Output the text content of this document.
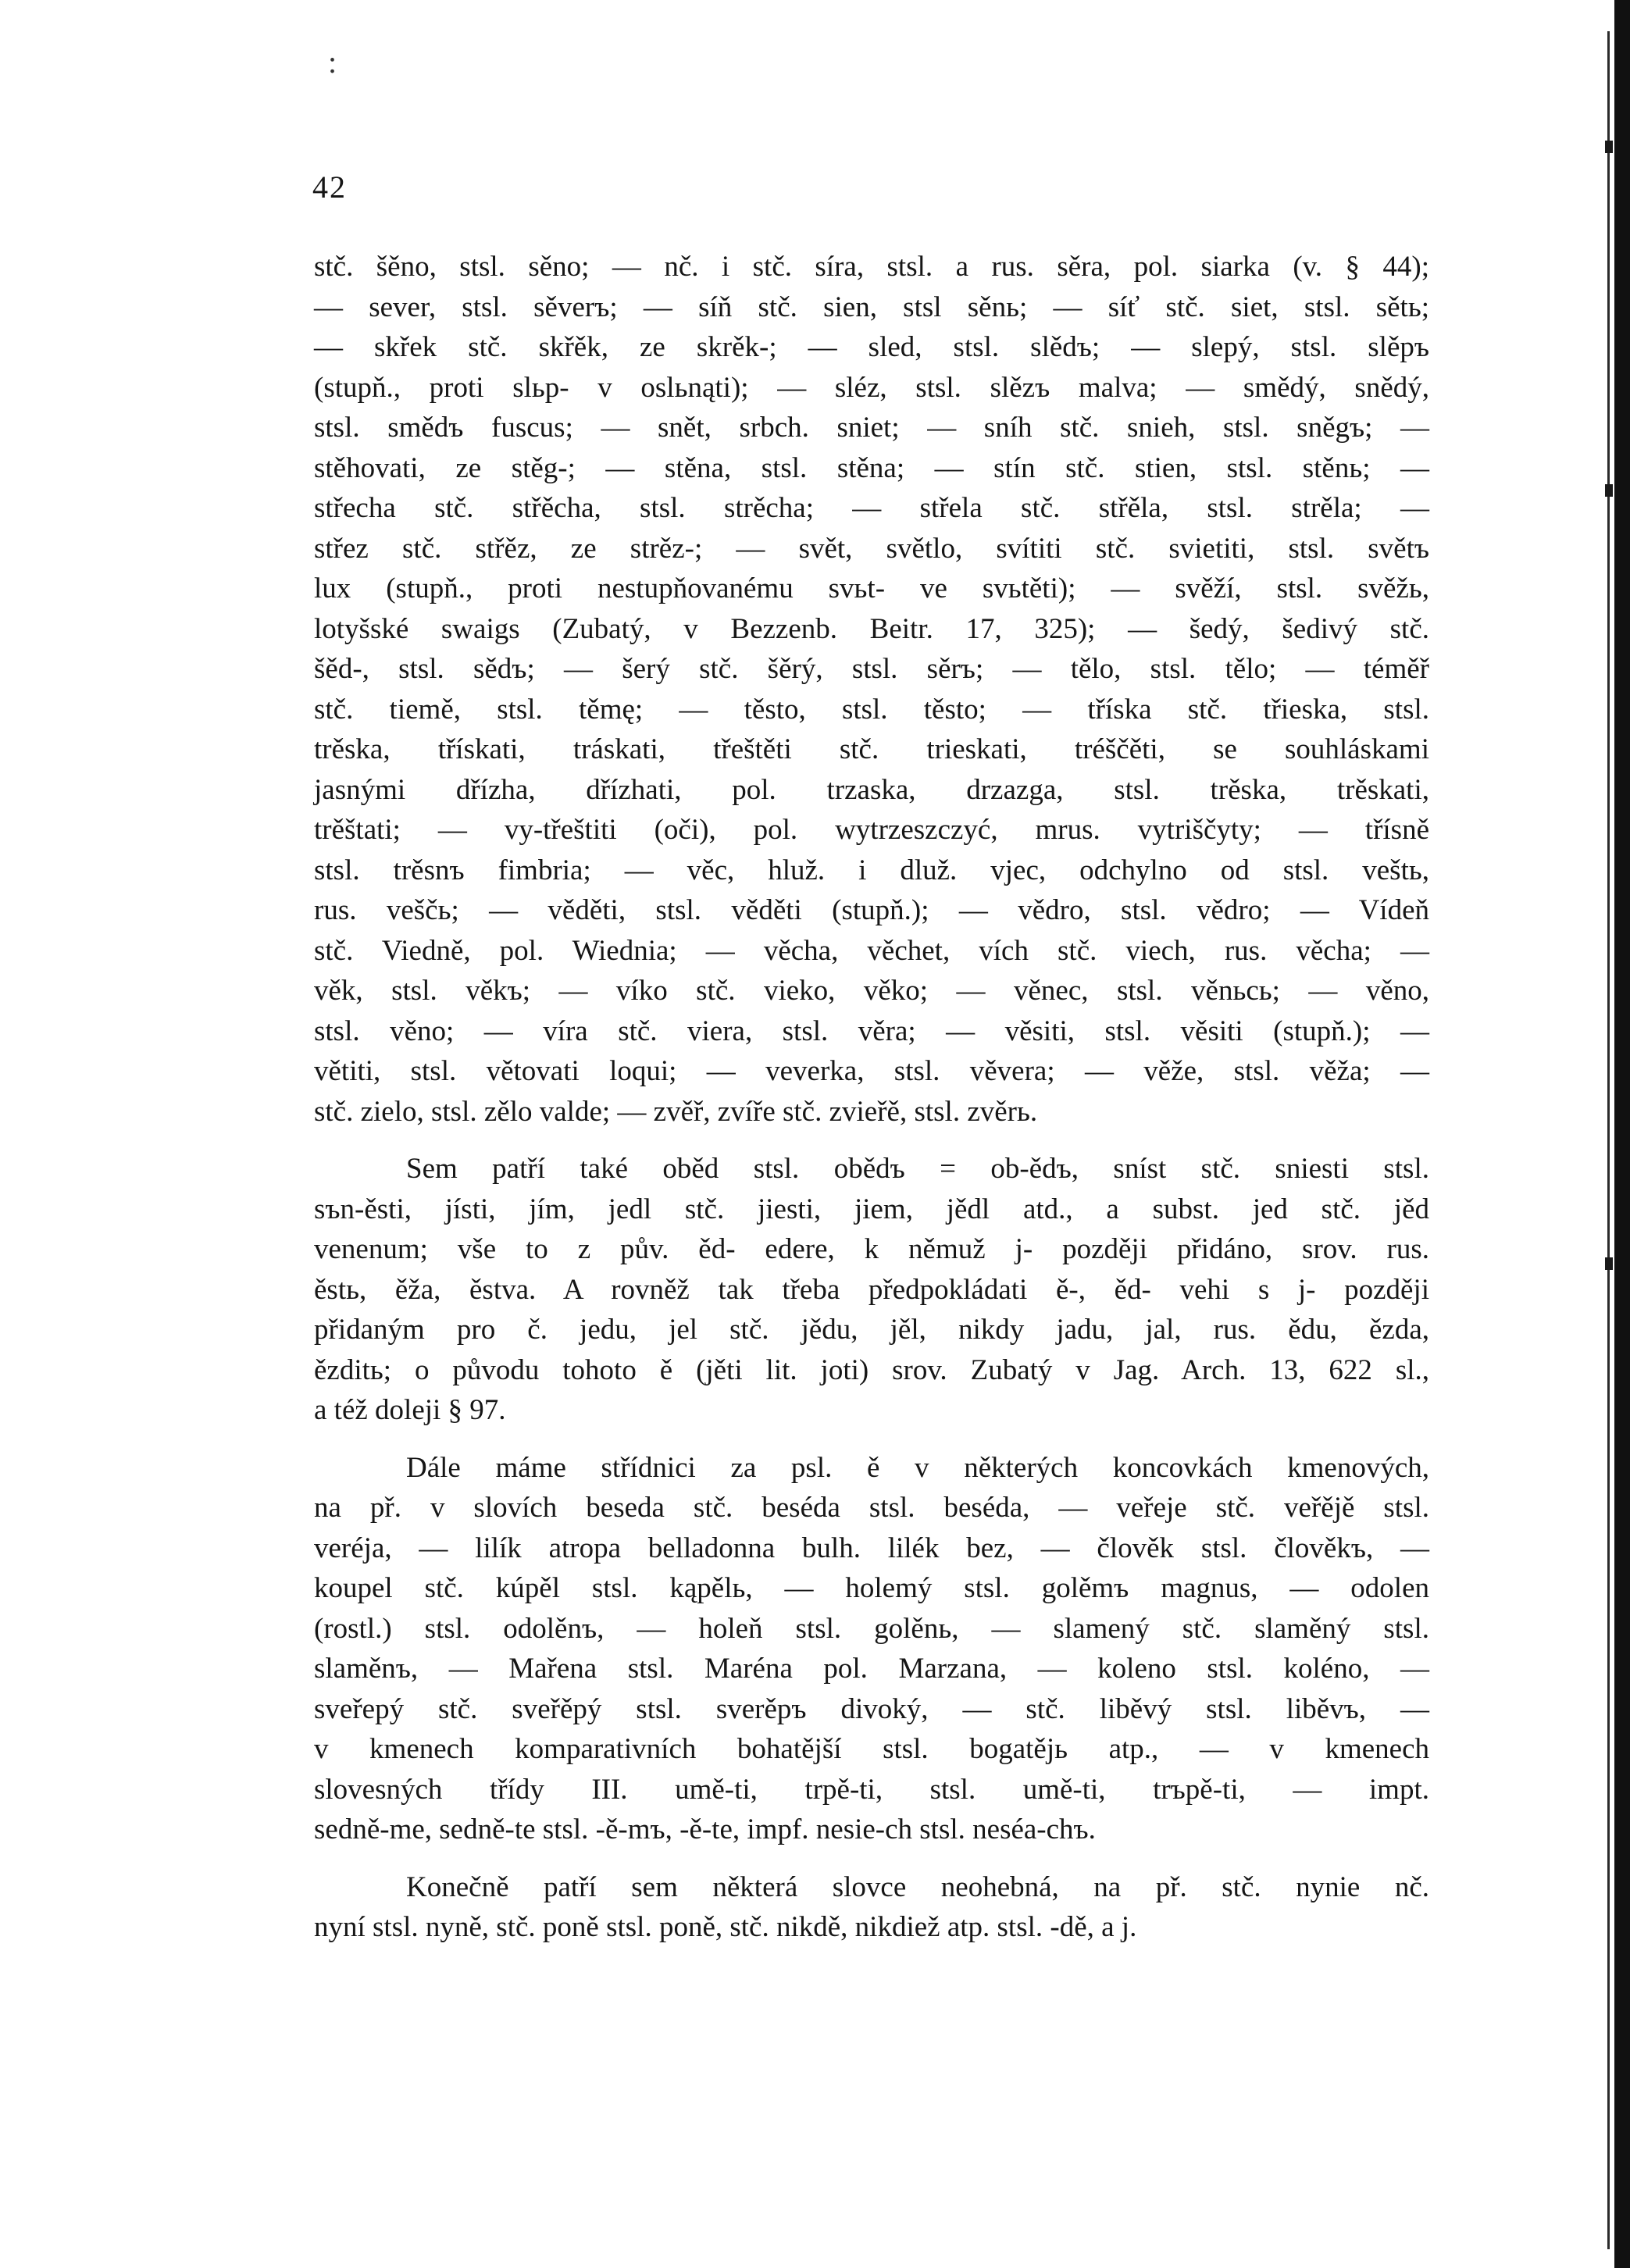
:
42

stč. šěno, stsl. sěno; — nč. i stč. síra, stsl. a rus. sěra, pol. siarka (v. § 44);
— sever, stsl. sěverъ; — síň stč. sien, stsl sěnь; — síť stč. siet, stsl. sětь;
— skřek stč. skřěk, ze skrěk-; — sled, stsl. slědъ; — slepý, stsl. slěpъ
(stupň., proti slьp- v oslьnąti); — sléz, stsl. slězъ malva; — smědý, snědý,
stsl. smědъ fuscus; — snět, srbch. sniet; — sníh stč. snieh, stsl. sněgъ; —
stěhovati, ze stěg-; — stěna, stsl. stěna; — stín stč. stien, stsl. stěnь; —
střecha stč. střěcha, stsl. strěcha; — střela stč. střěla, stsl. strěla; —
střez stč. střěz, ze strěz-; — svět, světlo, svítiti stč. svietiti, stsl. světъ
lux (stupň., proti nestupňovanému svьt- ve svьtěti); — svěží, stsl. svěžь,
lotyšské swaigs (Zubatý, v Bezzenb. Beitr. 17, 325); — šedý, šedivý stč.
šěd-, stsl. sědъ; — šerý stč. šěrý, stsl. sěrъ; — tělo, stsl. tělo; — téměř
stč. tiemě, stsl. těmę; — těsto, stsl. těsto; — tříska stč. třieska, stsl.
trěska, třískati, tráskati, třeštěti stč. trieskati, tréščěti, se souhláskami
jasnými dřízha, dřízhati, pol. trzaska, drzazga, stsl. trěska, trěskati,
trěštati; — vy-třeštiti (oči), pol. wytrzeszczyć, mrus. vytriščyty; — třísně
stsl. trěsnъ fimbria; — věc, hluž. i dluž. vjec, odchylno od stsl. veštь,
rus. veščь; — věděti, stsl. věděti (stupň.); — vědro, stsl. vědro; — Vídeň
stč. Viedně, pol. Wiednia; — věcha, věchet, vích stč. viech, rus. věcha; —
věk, stsl. věkъ; — víko stč. vieko, věko; — věnec, stsl. věnьcь; — věno,
stsl. věno; — víra stč. viera, stsl. věra; — věsiti, stsl. věsiti (stupň.); —
větiti, stsl. větovati loqui; — veverka, stsl. věvera; — věže, stsl. věža; —
stč. zielo, stsl. zělo valde; — zvěř, zvíře stč. zvieřě, stsl. zvěrь.

Sem patří také oběd stsl. obědъ = ob-ědъ, sníst stč. sniesti stsl.
sъn-ěsti, jísti, jím, jedl stč. jiesti, jiem, jědl atd., a subst. jed stč. jěd
venenum; vše to z pův. ěd- edere, k němuž j- později přidáno, srov. rus.
ěstь, ěža, ěstva. A rovněž tak třeba předpokládati ě-, ěd- vehi s j- později
přidaným pro č. jedu, jel stč. jědu, jěl, nikdy jadu, jal, rus. ědu, ězda,
ězditь; o původu tohoto ě (jěti lit. joti) srov. Zubatý v Jag. Arch. 13, 622 sl.,
a též doleji § 97.

Dále máme střídnici za psl. ě v některých koncovkách kmenových,
na př. v slovích beseda stč. beséda stsl. beséda, — veřeje stč. veřějě stsl.
veréja, — lilík atropa belladonna bulh. lilék bez, — člověk stsl. člověkъ, —
koupel stč. kúpěl stsl. kąpělь, — holemý stsl. golěmъ magnus, — odolen
(rostl.) stsl. odolěnъ, — holeň stsl. golěnь, — slamený stč. slaměný stsl.
slaměnъ, — Mařena stsl. Maréna pol. Marzana, — koleno stsl. koléno, —
sveřepý stč. sveřěpý stsl. sverěpъ divoký, — stč. liběvý stsl. liběvъ, —
v kmenech komparativních bohatější stsl. bogatějь atp., — v kmenech
slovesných třídy III. umě-ti, trpě-ti, stsl. umě-ti, trъpě-ti, — impt.
sedně-me, sedně-te stsl. -ě-mъ, -ě-te, impf. nesie-ch stsl. neséa-chъ.

Konečně patří sem některá slovce neohebná, na př. stč. nynie nč.
nyní stsl. nyně, stč. poně stsl. poně, stč. nikdě, nikdiež atp. stsl. -dě, a j.
